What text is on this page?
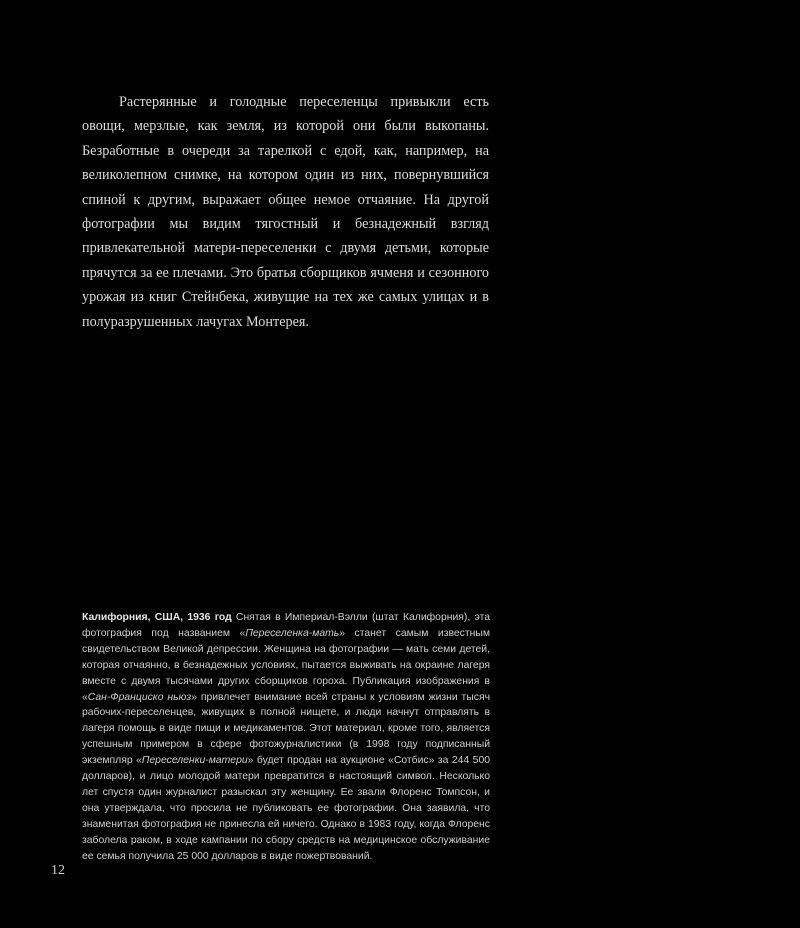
Растерянные и голодные переселенцы привыкли есть овощи, мерзлые, как земля, из которой они были выкопаны. Безработные в очереди за тарелкой с едой, как, например, на великолепном снимке, на котором один из них, повернувшийся спиной к другим, выражает общее немое отчаяние. На другой фотографии мы видим тягостный и безнадежный взгляд привлекательной матери-переселенки с двумя детьми, которые прячутся за ее плечами. Это братья сборщиков ячменя и сезонного урожая из книг Стейнбека, живущие на тех же самых улицах и в полуразрушенных лачугах Монтерея.

Калифорния, США, 1936 год Снятая в Империал-Вэлли (штат Калифорния), эта фотография под названием «Переселенка-мать» станет самым известным свидетельством Великой депрессии. Женщина на фотографии — мать семи детей, которая отчаянно, в безнадежных условиях, пытается выживать на окраине лагеря вместе с двумя тысячами других сборщиков гороха. Публикация изображения в «Сан-Франциско ньюз» привлечет внимание всей страны к условиям жизни тысяч рабочих-переселенцев, живущих в полной нищете, и люди начнут отправлять в лагеря помощь в виде пищи и медикаментов. Этот материал, кроме того, является успешным примером в сфере фотожурналистики (в 1998 году подписанный экземпляр «Переселенки-матери» будет продан на аукционе «Сотбис» за 244 500 долларов), и лицо молодой матери превратится в настоящий символ. Несколько лет спустя один журналист разыскал эту женщину. Ее звали Флоренс Томпсон, и она утверждала, что просила не публиковать ее фотографии. Она заявила, что знаменитая фотография не принесла ей ничего. Однако в 1983 году, когда Флоренс заболела раком, в ходе кампании по сбору средств на медицинское обслуживание ее семья получила 25 000 долларов в виде пожертвований.

12
